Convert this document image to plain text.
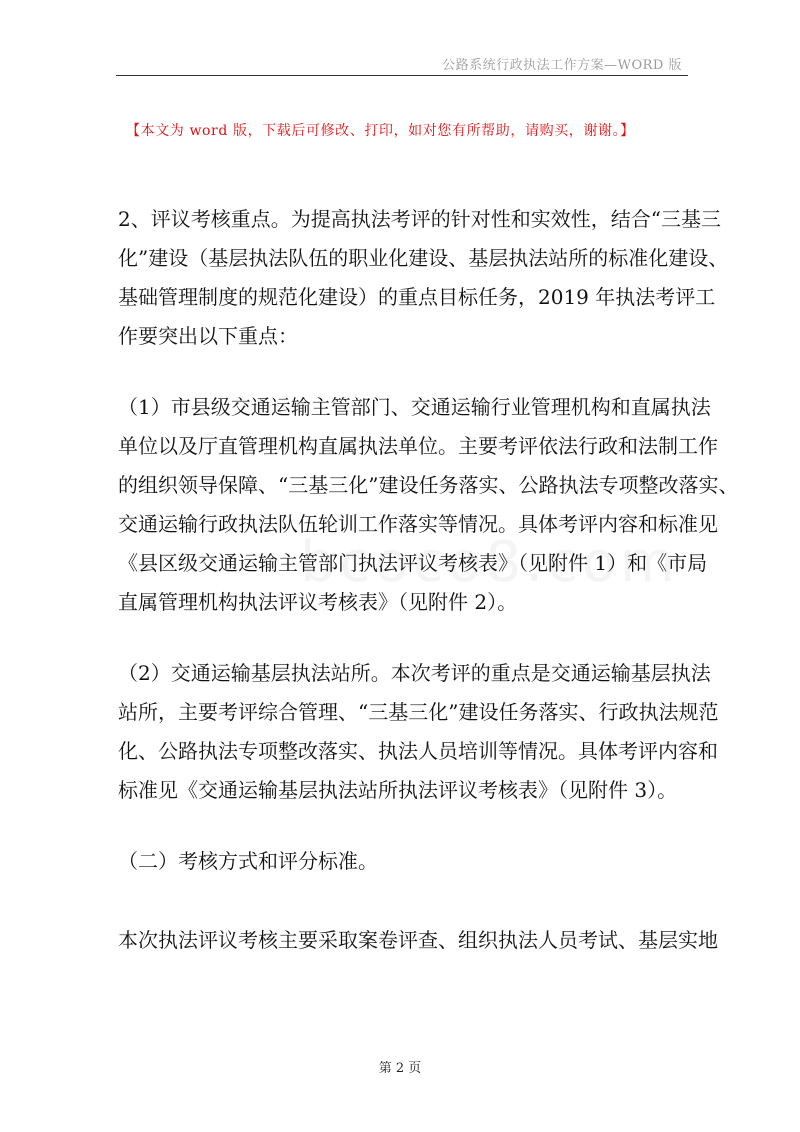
公路系统行政执法工作方案—WORD 版
【本文为 word 版，下载后可修改、打印，如对您有所帮助，请购买，谢谢。】

2、评议考核重点。为提高执法考评的针对性和实效性，结合“三基三
化”建设（基层执法队伍的职业化建设、基层执法站所的标准化建设、
基础管理制度的规范化建设）的重点目标任务，2019 年执法考评工
作要突出以下重点：

（1）市县级交通运输主管部门、交通运输行业管理机构和直属执法
单位以及厅直管理机构直属执法单位。主要考评依法行政和法制工作
的组织领导保障、“三基三化”建设任务落实、公路执法专项整改落实、
交通运输行政执法队伍轮训工作落实等情况。具体考评内容和标准见
《县区级交通运输主管部门执法评议考核表》（见附件 1）和《市局
直属管理机构执法评议考核表》（见附件 2）。

（2）交通运输基层执法站所。本次考评的重点是交通运输基层执法
站所，主要考评综合管理、“三基三化”建设任务落实、行政执法规范
化、公路执法专项整改落实、执法人员培训等情况。具体考评内容和
标准见《交通运输基层执法站所执法评议考核表》（见附件 3）。

（二）考核方式和评分标准。

本次执法评议考核主要采取案卷评查、组织执法人员考试、基层实地

第 2 页
